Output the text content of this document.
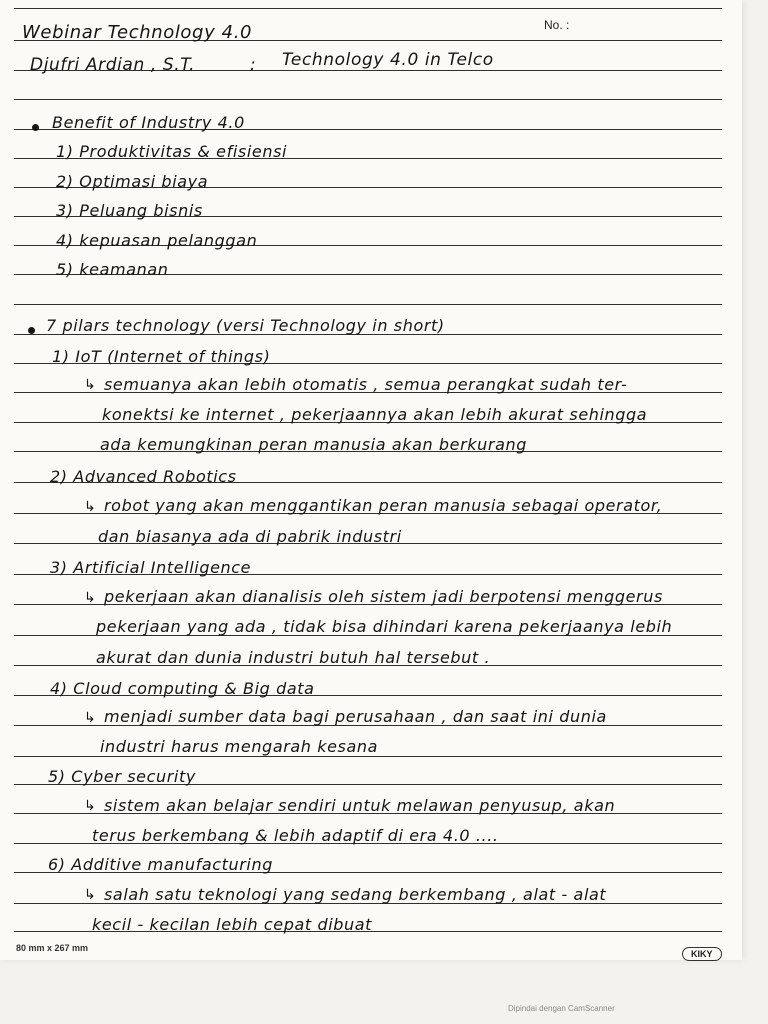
No. :
Webinar Technology 4.0
Djufri Ardian , S.T.	: Technology 4.0 in Telco
Benefit of Industry 4.0
1) Produktivitas & efisiensi
2) Optimasi biaya
3) Peluang bisnis
4) kepuasan pelanggan
5) keamanan
7 pilars technology (versi Technology in short)
1) IoT (Internet of things)
↳ semuanya akan lebih otomatis , semua perangkat sudah ter-
konektsi ke internet , pekerjaannya akan lebih akurat sehingga
ada kemungkinan peran manusia akan berkurang
2) Advanced Robotics
↳ robot yang akan menggantikan peran manusia sebagai operator,
dan biasanya ada di pabrik industri
3) Artificial Intelligence
↳ pekerjaan akan dianalisis oleh sistem jadi berpotensi menggerus
pekerjaan yang ada , tidak bisa dihindari karena pekerjaanya lebih
akurat dan dunia industri butuh hal tersebut .
4) Cloud computing & Big data
↳ menjadi sumber data bagi perusahaan , dan saat ini dunia
industri harus mengarah kesana
5) Cyber security
↳ sistem akan belajar sendiri untuk melawan penyusup, akan
terus berkembang & lebih adaptif di era 4.0 ....
6) Additive manufacturing
↳ salah satu teknologi yang sedang berkembang , alat - alat
kecil - kecilan lebih cepat dibuat
80 mm x 267 mm
KIKY
Dipindai dengan CamScanner
